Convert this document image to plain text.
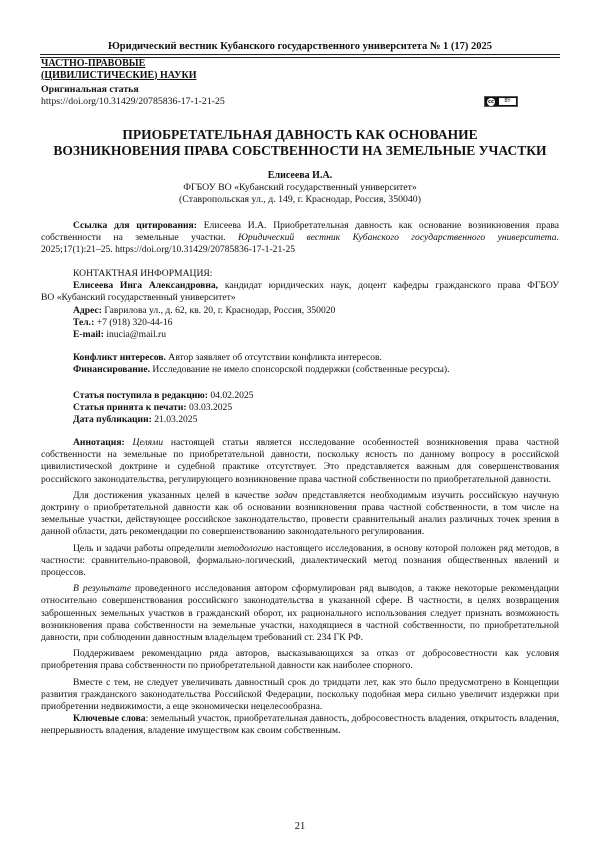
Юридический вестник Кубанского государственного университета № 1 (17) 2025
ЧАСТНО-ПРАВОВЫЕ
(ЦИВИЛИСТИЧЕСКИЕ) НАУКИ
Оригинальная статья
https://doi.org/10.31429/20785836-17-1-21-25	cc	BY
ПРИОБРЕТАТЕЛЬНАЯ ДАВНОСТЬ КАК ОСНОВАНИЕ
ВОЗНИКНОВЕНИЯ ПРАВА СОБСТВЕННОСТИ НА ЗЕМЕЛЬНЫЕ УЧАСТКИ
Елисеева И.А.
ФГБОУ ВО «Кубанский государственный университет»
(Ставропольская ул., д. 149, г. Краснодар, Россия, 350040)
Ссылка для цитирования: Елисеева И.А. Приобретательная давность как основание возникновения права
собственности на земельные участки. Юридический вестник Кубанского государственного университета.
2025;17(1):21–25. https://doi.org/10.31429/20785836-17-1-21-25
КОНТАКТНАЯ ИНФОРМАЦИЯ:
Елисеева Инга Александровна, кандидат юридических наук, доцент кафедры гражданского права ФГБОУ
ВО «Кубанский государственный университет»
Адрес: Гаврилова ул., д. 62, кв. 20, г. Краснодар, Россия, 350020
Тел.: +7 (918) 320-44-16
E-mail: inucia@mail.ru
Конфликт интересов. Автор заявляет об отсутствии конфликта интересов.
Финансирование. Исследование не имело спонсорской поддержки (собственные ресурсы).
Статья поступила в редакцию: 04.02.2025
Статья принята к печати: 03.03.2025
Дата публикации: 21.03.2025

Аннотация: Целями настоящей статьи является исследование особенностей возникновения права частной собственности на земельные по приобретательной давности, поскольку ясность по данному вопросу в российской цивилистической доктрине и судебной практике отсутствует. Это представляется важным для совершенствования российского законодательства, регулирующего возникновение права частной собственности по приобретательной давности.

Для достижения указанных целей в качестве задач представляется необходимым изучить российскую научную доктрину о приобретательной давности как об основании возникновения права частной собственности, в том числе на земельные участки, действующее российское законодательство, провести сравнительный анализ различных точек зрения в данной области, дать рекомендации по совершенствованию законодательного регулирования.

Цель и задачи работы определили методологию настоящего исследования, в основу которой положен ряд методов, в частности: сравнительно-правовой, формально-логический, диалектический метод познания общественных явлений и процессов.

В результате проведенного исследования автором сформулирован ряд выводов, а также некоторые рекомендации относительно совершенствования российского законодательства в указанной сфере. В частности, в целях возвращения заброшенных земельных участков в гражданский оборот, их рационального использования следует признать возможность возникновения права собственности на земельные участки, находящиеся в частной собственности, по приобретательной давности, при соблюдении давностным владельцем требований ст. 234 ГК РФ.

Поддерживаем рекомендацию ряда авторов, высказывающихся за отказ от добросовестности как условия приобретения права собственности по приобретательной давности как наиболее спорного.

Вместе с тем, не следует увеличивать давностный срок до тридцати лет, как это было предусмотрено в Концепции развития гражданского законодательства Российской Федерации, поскольку подобная мера сильно увеличит издержки при приобретении недвижимости, а еще экономически нецелесообразна.

Ключевые слова: земельный участок, приобретательная давность, добросовестность владения, открытость владения, непрерывность владения, владение имуществом как своим собственным.

21
